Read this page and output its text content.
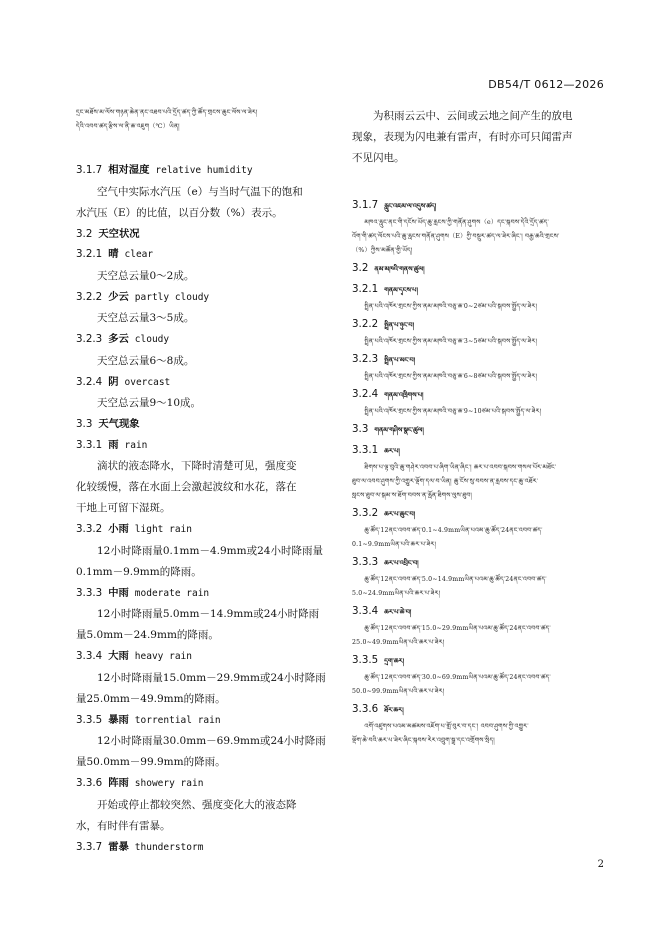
DB54/T 0612—2026
དྲང་མཐོས་མ་ལོས་གཉན་ཆེན་ནང་འཐབ་པའི་དྲོད་ཚད་ཀྱི་ཚོད་གྲངས་ཆུང་ལོས་ལ་ཟེར།
དེའི་འབབ་ཚད་རྩིས་ལ་ནི་ཆ་འཇུག（℃）ཡིན།
3.1.7 相对湿度 relative humidity
空气中实际水汽压（e）与当时气温下的饱和
水汽压（E）的比值，以百分数（%）表示。
3.2 天空状况
3.2.1 晴 clear
天空总云量0～2成。
3.2.2 少云 partly cloudy
天空总云量3～5成。
3.2.3 多云 cloudy
天空总云量6～8成。
3.2.4 阴 overcast
天空总云量9～10成。
3.3 天气现象
3.3.1 雨 rain
滴状的液态降水，下降时清楚可见，强度变
化较缓慢，落在水面上会激起波纹和水花，落在
干地上可留下湿斑。
3.3.2 小雨 light rain
12小时降雨量0.1mm－4.9mm或24小时降雨量
0.1mm－9.9mm的降雨。
3.3.3 中雨 moderate rain
12小时降雨量5.0mm－14.9mm或24小时降雨
量5.0mm－24.9mm的降雨。
3.3.4 大雨 heavy rain
12小时降雨量15.0mm－29.9mm或24小时降雨
量25.0mm－49.9mm的降雨。
3.3.5 暴雨 torrential rain
12小时降雨量30.0mm－69.9mm或24小时降雨
量50.0mm－99.9mm的降雨。
3.3.6 阵雨 showery rain
开始或停止都较突然、强度变化大的液态降
水，有时伴有雷暴。
3.3.7 雷暴 thunderstorm
为积雨云云中、云间或云地之间产生的放电
现象，表现为闪电兼有雷声，有时亦可只闻雷声
不见闪电。
3.1.7 རླུང་འཇམ་ལ་འདུས་ཚད།
མཁའ་རླུང་ནང་གི་དངོས་ཡོད་ཆུ་རླངས་ཀྱི་གནོན་ཤུགས（e）དང་སྐབས་དེའི་དྲོད་ཚད་
འོག་གི་ཚད་ལོངས་པའི་ཆུ་རླངས་གནོན་ཤུགས（E）ཀྱི་བསྡུར་ཚད་ལ་ཟེར་ཞིང་། བརྒྱ་ཆའི་གྲངས་
（%）ཀྱིས་མཚོན་གྱི་ཡོད།
3.2 ནམ་མཁའི་གནས་ཚུལ།
3.2.1 གནམ་དྭངས་པ།
སྤྲིན་པའི་འཁོར་གྲངས་ཀྱིས་ནམ་མཁའི་བཅུ་ཆ་0~2ཙམ་པའི་སྐབས་སྤྱོད་ལ་ཟེར།
3.2.2 སྤྲིན་པ་ཉུང་བ།
སྤྲིན་པའི་འཁོར་གྲངས་ཀྱིས་ནམ་མཁའི་བཅུ་ཆ་3~5ཙམ་པའི་སྐབས་སྤྱོད་ལ་ཟེར།
3.2.3 སྤྲིན་པ་མང་བ།
སྤྲིན་པའི་འཁོར་གྲངས་ཀྱིས་ནམ་མཁའི་བཅུ་ཆ་6~8ཙམ་པའི་སྐབས་སྤྱོད་ལ་ཟེར།
3.2.4 གནམ་འཁྲིགས་པ།
སྤྲིན་པའི་འཁོར་གྲངས་ཀྱིས་ནམ་མཁའི་བཅུ་ཆ་9~10ཙམ་པའི་སྐབས་སྤྱོད་ལ་ཟེར།
3.3 གནམ་གཤིས་སྣང་ཚུལ།
3.3.1 ཆར་པ།
ཐིགས་པ་ལྟ་བུའི་ཆུ་གཤེར་འབབ་པ་ཞིག་ཡིན་ཞིང་། ཆར་པ་འབབ་སྐབས་གསལ་པོར་མཐོང་
ཐུབ་ལ་འབབ་ཤུགས་ཀྱི་འགྱུར་ལྡོག་དལ་བ་ཡིན། ཆུ་ངོས་སུ་བབས་ན་རླབས་དང་ཆུ་འཐོར་
སླངས་ཐུབ་ལ་སྐམ་ས་ཐོག་བབས་ན་རློན་ཐིགས་ལུས་ཐུབ།
3.3.2 ཆར་པ་ཆུང་བ།
ཆུ་ཚོད་12ནང་འབབ་ཚད་0.1~4.9mmཡིན་པའམ་ཆུ་ཚོད་24ནང་འབབ་ཚད་
0.1~9.9mmཡིན་པའི་ཆར་པ་ཟེར།
3.3.3 ཆར་པ་འབྲིང་བ།
ཆུ་ཚོད་12ནང་འབབ་ཚད་5.0~14.9mmཡིན་པའམ་ཆུ་ཚོད་24ནང་འབབ་ཚད་
5.0~24.9mmཡིན་པའི་ཆར་པ་ཟེར།
3.3.4 ཆར་པ་ཆེ་བ།
ཆུ་ཚོད་12ནང་འབབ་ཚད་15.0~29.9mmཡིན་པའམ་ཆུ་ཚོད་24ནང་འབབ་ཚད་
25.0~49.9mmཡིན་པའི་ཆར་པ་ཟེར།
3.3.5 དྲག་ཆར།
ཆུ་ཚོད་12ནང་འབབ་ཚད་30.0~69.9mmཡིན་པའམ་ཆུ་ཚོད་24ནང་འབབ་ཚད་
50.0~99.9mmཡིན་པའི་ཆར་པ་ཟེར།
3.3.6 ཐོར་ཆར།
འགོ་འཛུགས་པའམ་མཚམས་འཇོག་པ་གློ་བུར་བ་དང་། འབབ་ཤུགས་ཀྱི་འགྱུར་
ལྡོག་ཆེ་བའི་ཆར་པ་ཟེར་ཞིང་སྐབས་རེར་འབྲུག་སྒྲ་དང་འགྲོགས་སྲིད།
2
